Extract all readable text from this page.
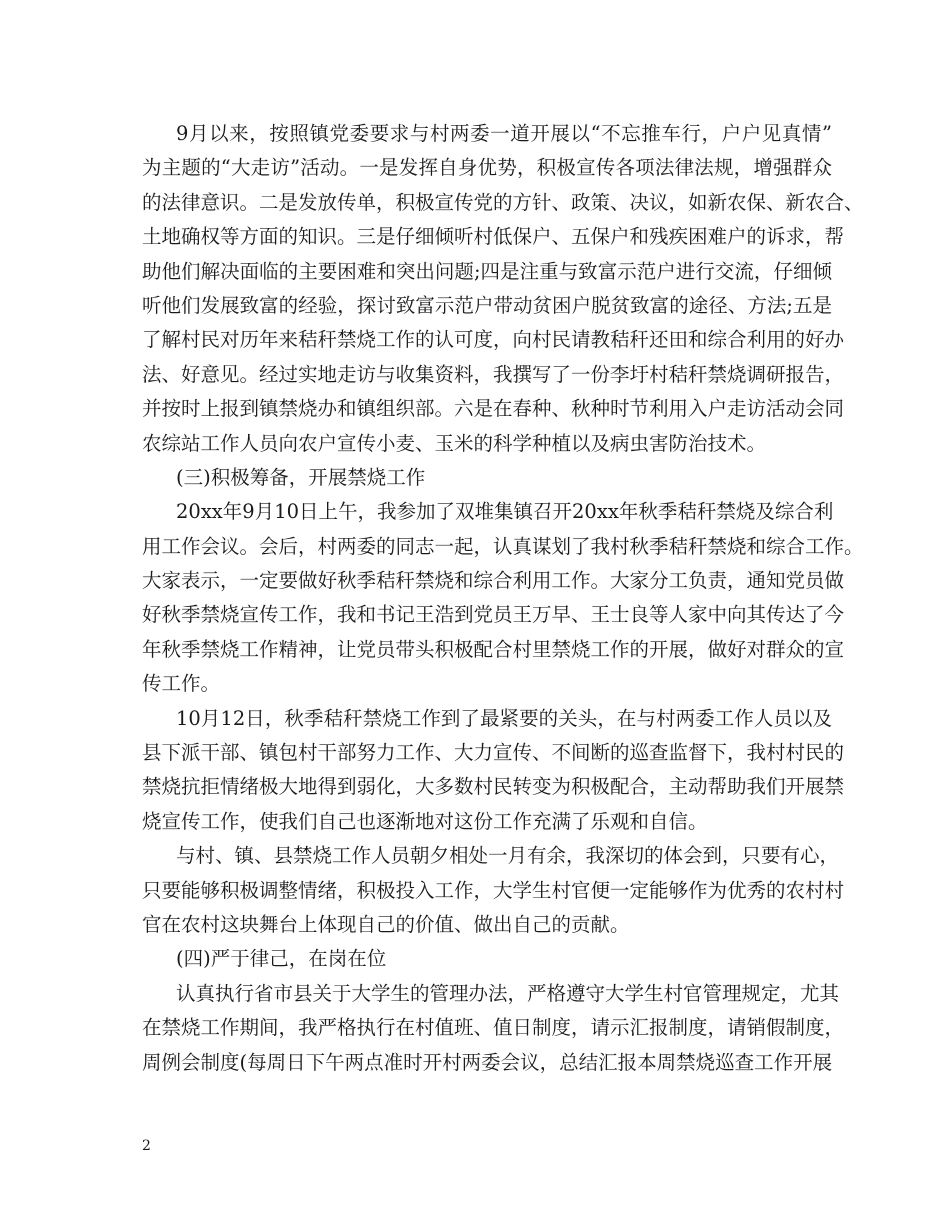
9月以来，按照镇党委要求与村两委一道开展以“不忘推车行，户户见真情”
为主题的“大走访”活动。一是发挥自身优势，积极宣传各项法律法规，增强群众
的法律意识。二是发放传单，积极宣传党的方针、政策、决议，如新农保、新农合、
土地确权等方面的知识。三是仔细倾听村低保户、五保户和残疾困难户的诉求，帮
助他们解决面临的主要困难和突出问题;四是注重与致富示范户进行交流，仔细倾
听他们发展致富的经验，探讨致富示范户带动贫困户脱贫致富的途径、方法;五是
了解村民对历年来秸秆禁烧工作的认可度，向村民请教秸秆还田和综合利用的好办
法、好意见。经过实地走访与收集资料，我撰写了一份李圩村秸秆禁烧调研报告，
并按时上报到镇禁烧办和镇组织部。六是在春种、秋种时节利用入户走访活动会同
农综站工作人员向农户宣传小麦、玉米的科学种植以及病虫害防治技术。
(三)积极筹备，开展禁烧工作
20xx年9月10日上午，我参加了双堆集镇召开20xx年秋季秸秆禁烧及综合利
用工作会议。会后，村两委的同志一起，认真谋划了我村秋季秸秆禁烧和综合工作。
大家表示，一定要做好秋季秸秆禁烧和综合利用工作。大家分工负责，通知党员做
好秋季禁烧宣传工作，我和书记王浩到党员王万早、王士良等人家中向其传达了今
年秋季禁烧工作精神，让党员带头积极配合村里禁烧工作的开展，做好对群众的宣
传工作。
10月12日，秋季秸秆禁烧工作到了最紧要的关头，在与村两委工作人员以及
县下派干部、镇包村干部努力工作、大力宣传、不间断的巡查监督下，我村村民的
禁烧抗拒情绪极大地得到弱化，大多数村民转变为积极配合，主动帮助我们开展禁
烧宣传工作，使我们自己也逐渐地对这份工作充满了乐观和自信。
与村、镇、县禁烧工作人员朝夕相处一月有余，我深切的体会到，只要有心，
只要能够积极调整情绪，积极投入工作，大学生村官便一定能够作为优秀的农村村
官在农村这块舞台上体现自己的价值、做出自己的贡献。
(四)严于律己，在岗在位
认真执行省市县关于大学生的管理办法，严格遵守大学生村官管理规定，尤其
在禁烧工作期间，我严格执行在村值班、值日制度，请示汇报制度，请销假制度，
周例会制度(每周日下午两点准时开村两委会议，总结汇报本周禁烧巡查工作开展
2
